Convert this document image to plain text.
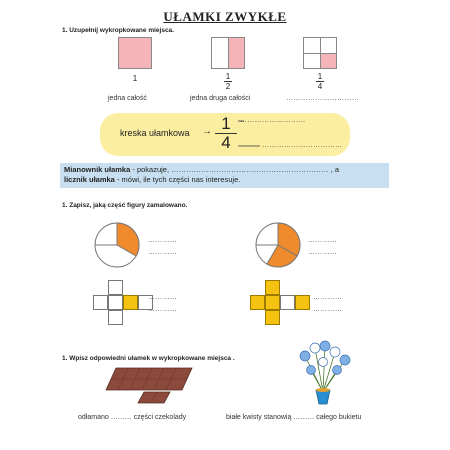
UŁAMKI ZWYKŁE
1. Uzupełnij wykropkowane miejsca.
1
jedna całość
1
2
jedna druga całości
1
4
…………………………
kreska ułamkowa → 1
4
………………………
……………………………
Mianownik ułamka - pokazuje, ……………………………………………………… , a
licznik ułamka - mówi, ile tych części nas interesuje.
1. Zapisz, jaką część figury zamalowano.
…………
…………
…………
…………
…………
…………
…………
…………
1. Wpisz odpowiedni ułamek w wykropkowane miejsca .
odłamano ……… części czekolady	białe kwisty stanowią ……… całego bukietu
